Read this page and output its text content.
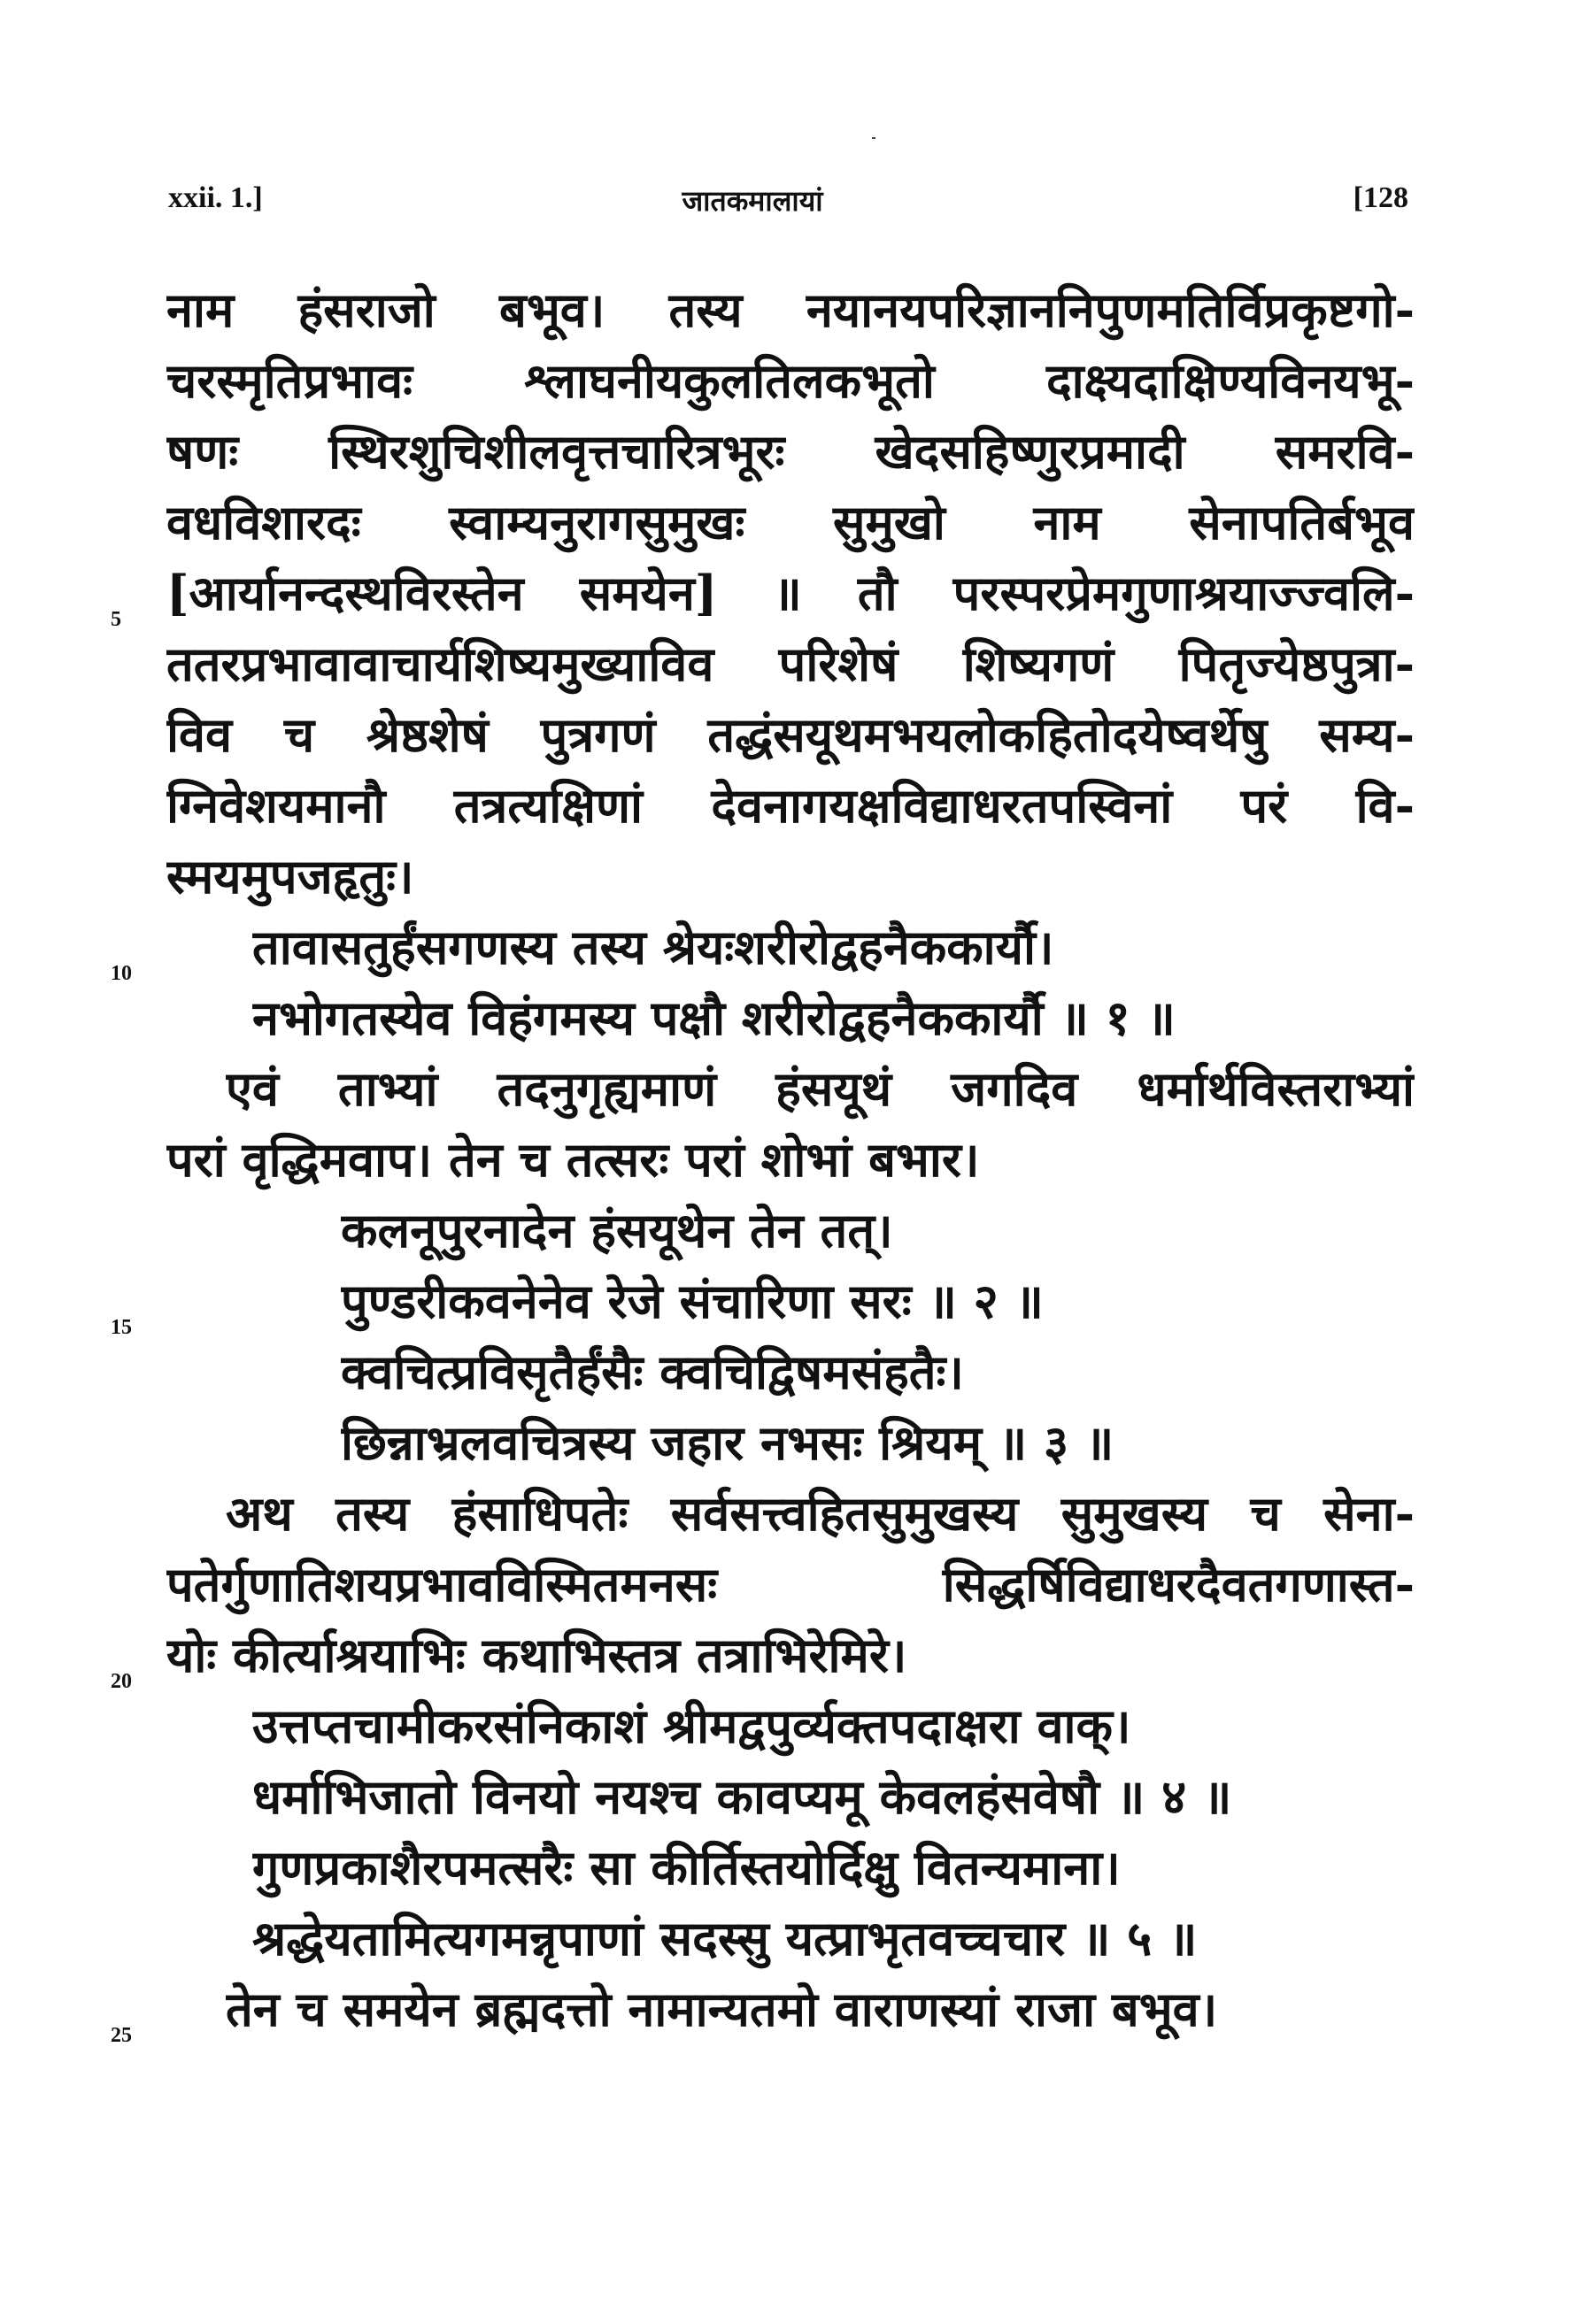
xxii. 1.]	जातकमालायां	[128
नाम हंसराजो बभूव। तस्य नयानयपरिज्ञाननिपुणमतिर्विप्रकृष्टगो-
चरस्मृतिप्रभावः श्लाघनीयकुलतिलकभूतो दाक्ष्यदाक्षिण्यविनयभू-
षणः स्थिरशुचिशीलवृत्तचारित्रभूरः खेदसहिष्णुरप्रमादी समरवि-
वधविशारदः स्वाम्यनुरागसुमुखः सुमुखो नाम सेनापतिर्बभूव
[आर्यानन्दस्थविरस्तेन समयेन] ॥ तौ परस्परप्रेमगुणाश्रयाज्ज्वलि-
ततरप्रभावावाचार्यशिष्यमुख्याविव परिशेषं शिष्यगणं पितृज्येष्ठपुत्रा-
विव च श्रेष्ठशेषं पुत्रगणं तद्धंसयूथमभयलोकहितोदयेष्वर्थेषु सम्य-
ग्निवेशयमानौ तत्रत्यक्षिणां देवनागयक्षविद्याधरतपस्विनां परं वि-
स्मयमुपजहृतुः।
तावासतुर्हंसगणस्य तस्य श्रेयःशरीरोद्वहनैककार्यौ।
नभोगतस्येव विहंगमस्य पक्षौ शरीरोद्वहनैककार्यौ ॥ १ ॥
एवं ताभ्यां तदनुगृह्यमाणं हंसयूथं जगदिव धर्मार्थविस्तराभ्यां
परां वृद्धिमवाप। तेन च तत्सरः परां शोभां बभार।
कलनूपुरनादेन हंसयूथेन तेन तत्।
पुण्डरीकवनेनेव रेजे संचारिणा सरः ॥ २ ॥
क्वचित्प्रविसृतैर्हंसैः क्वचिद्विषमसंहतैः।
छिन्नाभ्रलवचित्रस्य जहार नभसः श्रियम् ॥ ३ ॥
अथ तस्य हंसाधिपतेः सर्वसत्त्वहितसुमुखस्य सुमुखस्य च सेना-
पतेर्गुणातिशयप्रभावविस्मितमनसः सिद्धर्षिविद्याधरदैवतगणास्त-
योः कीर्त्याश्रयाभिः कथाभिस्तत्र तत्राभिरेमिरे।
उत्तप्तचामीकरसंनिकाशं श्रीमद्वपुर्व्यक्तपदाक्षरा वाक्।
धर्माभिजातो विनयो नयश्च कावप्यमू केवलहंसवेषौ ॥ ४ ॥
गुणप्रकाशैरपमत्सरैः सा कीर्तिस्तयोर्दिक्षु वितन्यमाना।
श्रद्धेयतामित्यगमन्नृपाणां सदस्सु यत्प्राभृतवच्चचार ॥ ५ ॥
तेन च समयेन ब्रह्मदत्तो नामान्यतमो वाराणस्यां राजा बभूव।
5
10
15
20
25
